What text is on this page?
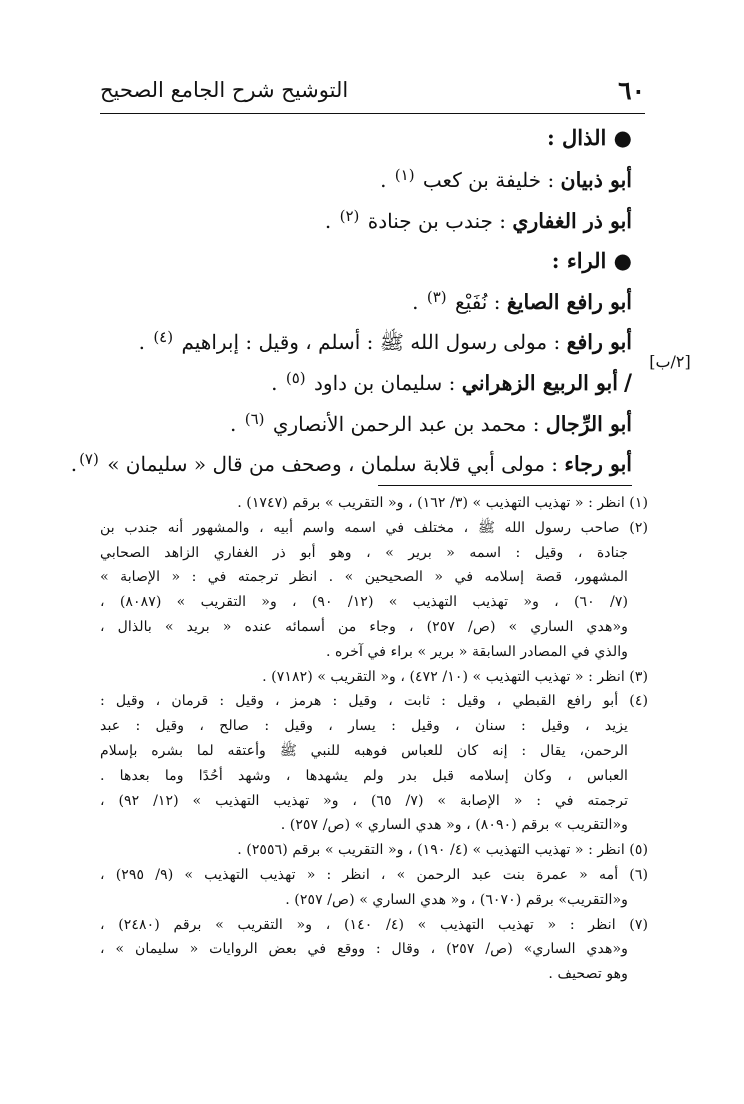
٦٠
التوشيح شرح الجامع الصحيح
[٢/ب]
● الذال :
أبو ذبيان : خليفة بن كعب $^{(١)}$ .
أبو ذر الغفاري : جندب بن جنادة $^{(٢)}$ .
● الراء :
أبو رافع الصايغ : نُفَيْع $^{(٣)}$ .
أبو رافع : مولى رسول الله ﷺ : أسلم ، وقيل : إبراهيم $^{(٤)}$ .
/أبو الربيع الزهراني : سليمان بن داود $^{(٥)}$ .
أبو الرِّجال : محمد بن عبد الرحمن الأنصاري $^{(٦)}$ .
أبو رجاء : مولى أبي قلابة سلمان ، وصحف من قال « سليمان » $^{(٧)}$.
(١) انظر : « تهذيب التهذيب » (٣/ ١٦٢) ، و« التقريب » برقم (١٧٤٧) .
(٢) صاحب رسول الله ﷺ ، مختلف في اسمه واسم أبيه ، والمشهور أنه جندب بن
جنادة ، وقيل : اسمه « برير » ، وهو أبو ذر الغفاري الزاهد الصحابي
المشهور، قصة إسلامه في « الصحيحين » . انظر ترجمته في : « الإصابة »
(٧/ ٦٠) ، و« تهذيب التهذيب » (١٢/ ٩٠) ، و« التقريب » (٨٠٨٧) ،
و«هدي الساري » (ص/ ٢٥٧) ، وجاء من أسمائه عنده « بريد » بالذال ،
والذي في المصادر السابقة « برير » براء في آخره .
(٣) انظر : « تهذيب التهذيب » (١٠/ ٤٧٢) ، و« التقريب » (٧١٨٢) .
(٤) أبو رافع القبطي ، وقيل : ثابت ، وقيل : هرمز ، وقيل : قرمان ، وقيل :
يزيد ، وقيل : سنان ، وقيل : يسار ، وقيل : صالح ، وقيل : عبد
الرحمن، يقال : إنه كان للعباس فوهبه للنبي ﷺ وأعتقه لما بشره بإسلام
العباس ، وكان إسلامه قبل بدر ولم يشهدها ، وشهد أحُدًا وما بعدها .
ترجمته في : « الإصابة » (٧/ ٦٥) ، و« تهذيب التهذيب » (١٢/ ٩٢) ،
و«التقريب » برقم (٨٠٩٠) ، و« هدي الساري » (ص/ ٢٥٧) .
(٥) انظر : « تهذيب التهذيب » (٤/ ١٩٠) ، و« التقريب » برقم (٢٥٥٦) .
(٦) أمه « عمرة بنت عبد الرحمن » ، انظر : « تهذيب التهذيب » (٩/ ٢٩٥) ،
و«التقريب» برقم (٦٠٧٠) ، و« هدي الساري » (ص/ ٢٥٧) .
(٧) انظر : « تهذيب التهذيب » (٤/ ١٤٠) ، و« التقريب » برقم (٢٤٨٠) ،
و«هدي الساري» (ص/ ٢٥٧) ، وقال : ووقع في بعض الروايات « سليمان » ،
وهو تصحيف .
